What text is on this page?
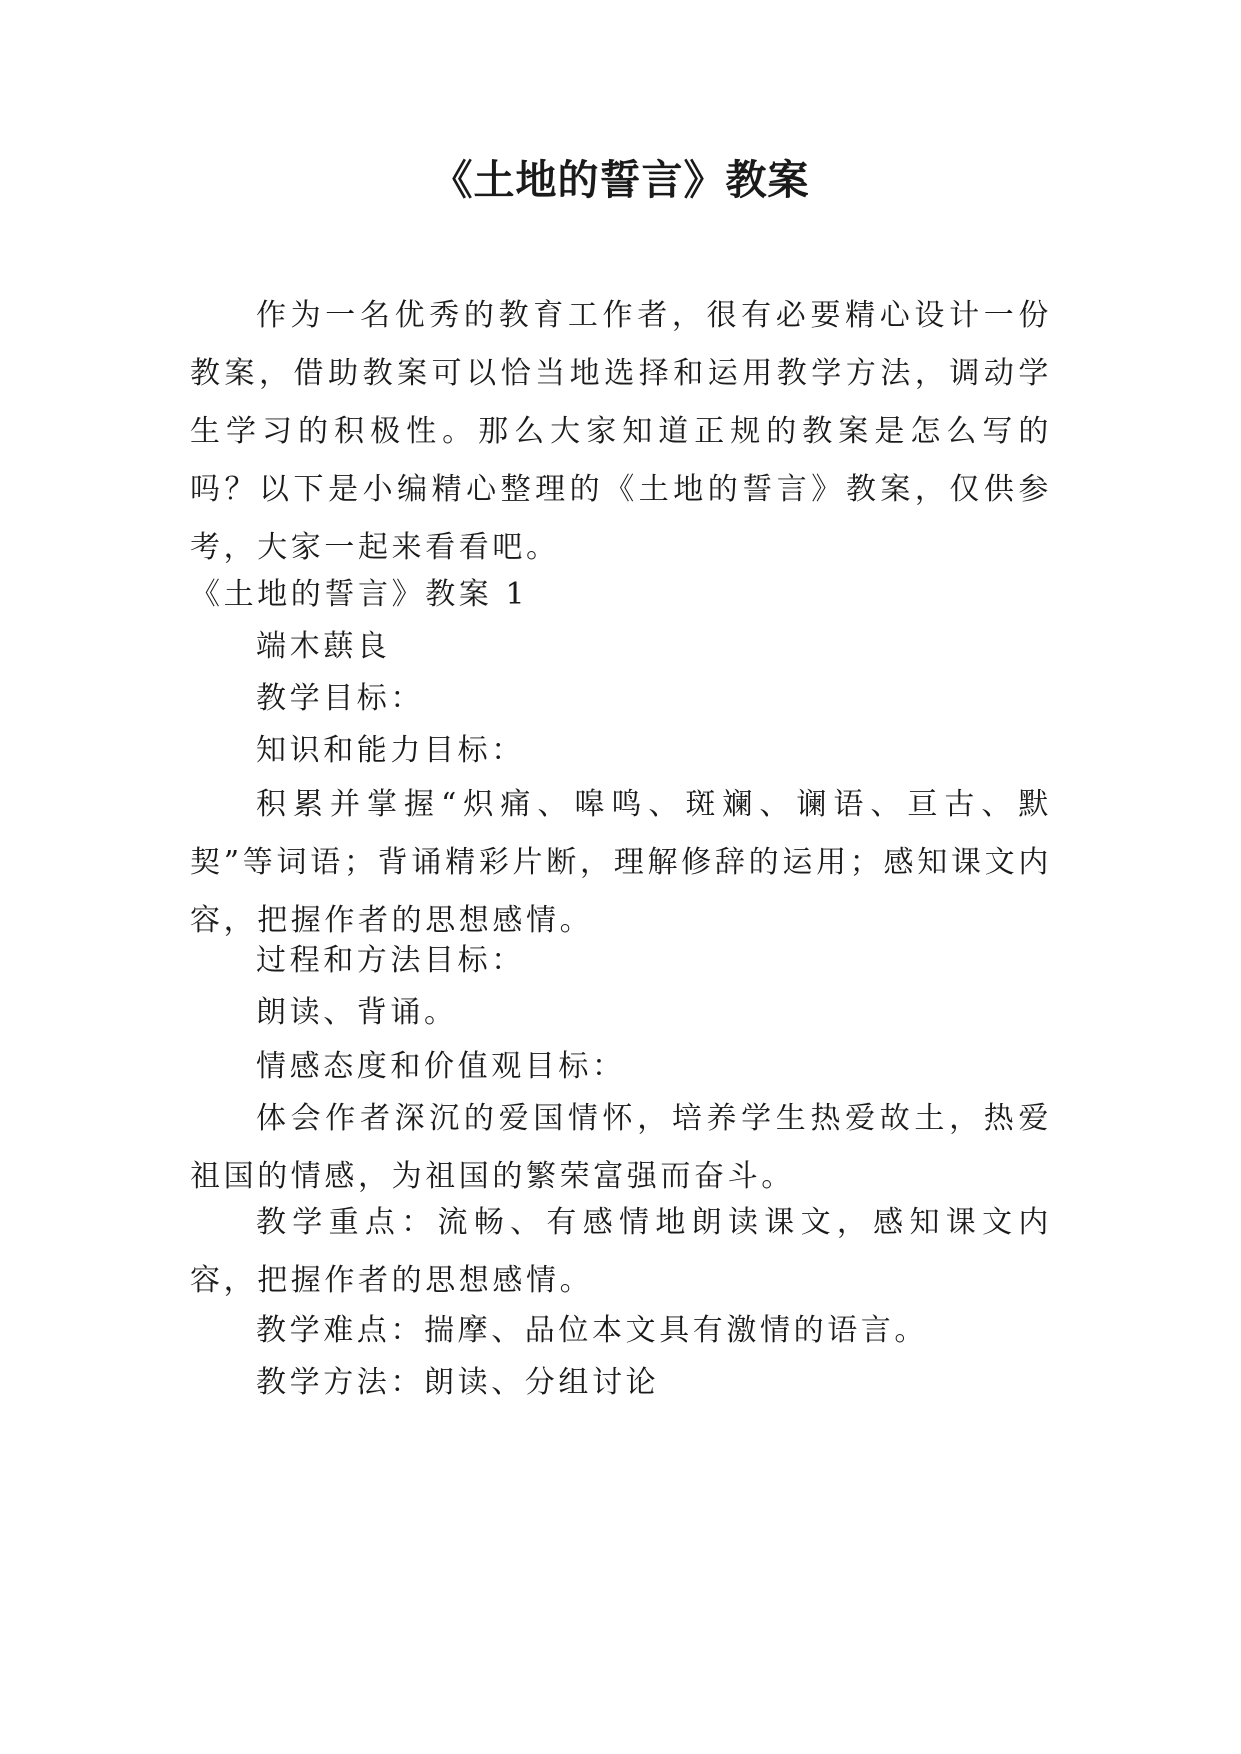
《土地的誓言》教案

作为一名优秀的教育工作者，很有必要精心设计一份教案，借助教案可以恰当地选择和运用教学方法，调动学生学习的积极性。那么大家知道正规的教案是怎么写的吗？以下是小编精心整理的《土地的誓言》教案，仅供参考，大家一起来看看吧。

《土地的誓言》教案 1

端木蕻良

教学目标：

知识和能力目标：

积累并掌握“炽痛、嗥鸣、斑斓、谰语、亘古、默契”等词语；背诵精彩片断，理解修辞的运用；感知课文内容，把握作者的思想感情。

过程和方法目标：

朗读、背诵。

情感态度和价值观目标：

体会作者深沉的爱国情怀，培养学生热爱故土，热爱祖国的情感，为祖国的繁荣富强而奋斗。

教学重点：流畅、有感情地朗读课文，感知课文内容，把握作者的思想感情。

教学难点：揣摩、品位本文具有激情的语言。

教学方法：朗读、分组讨论
